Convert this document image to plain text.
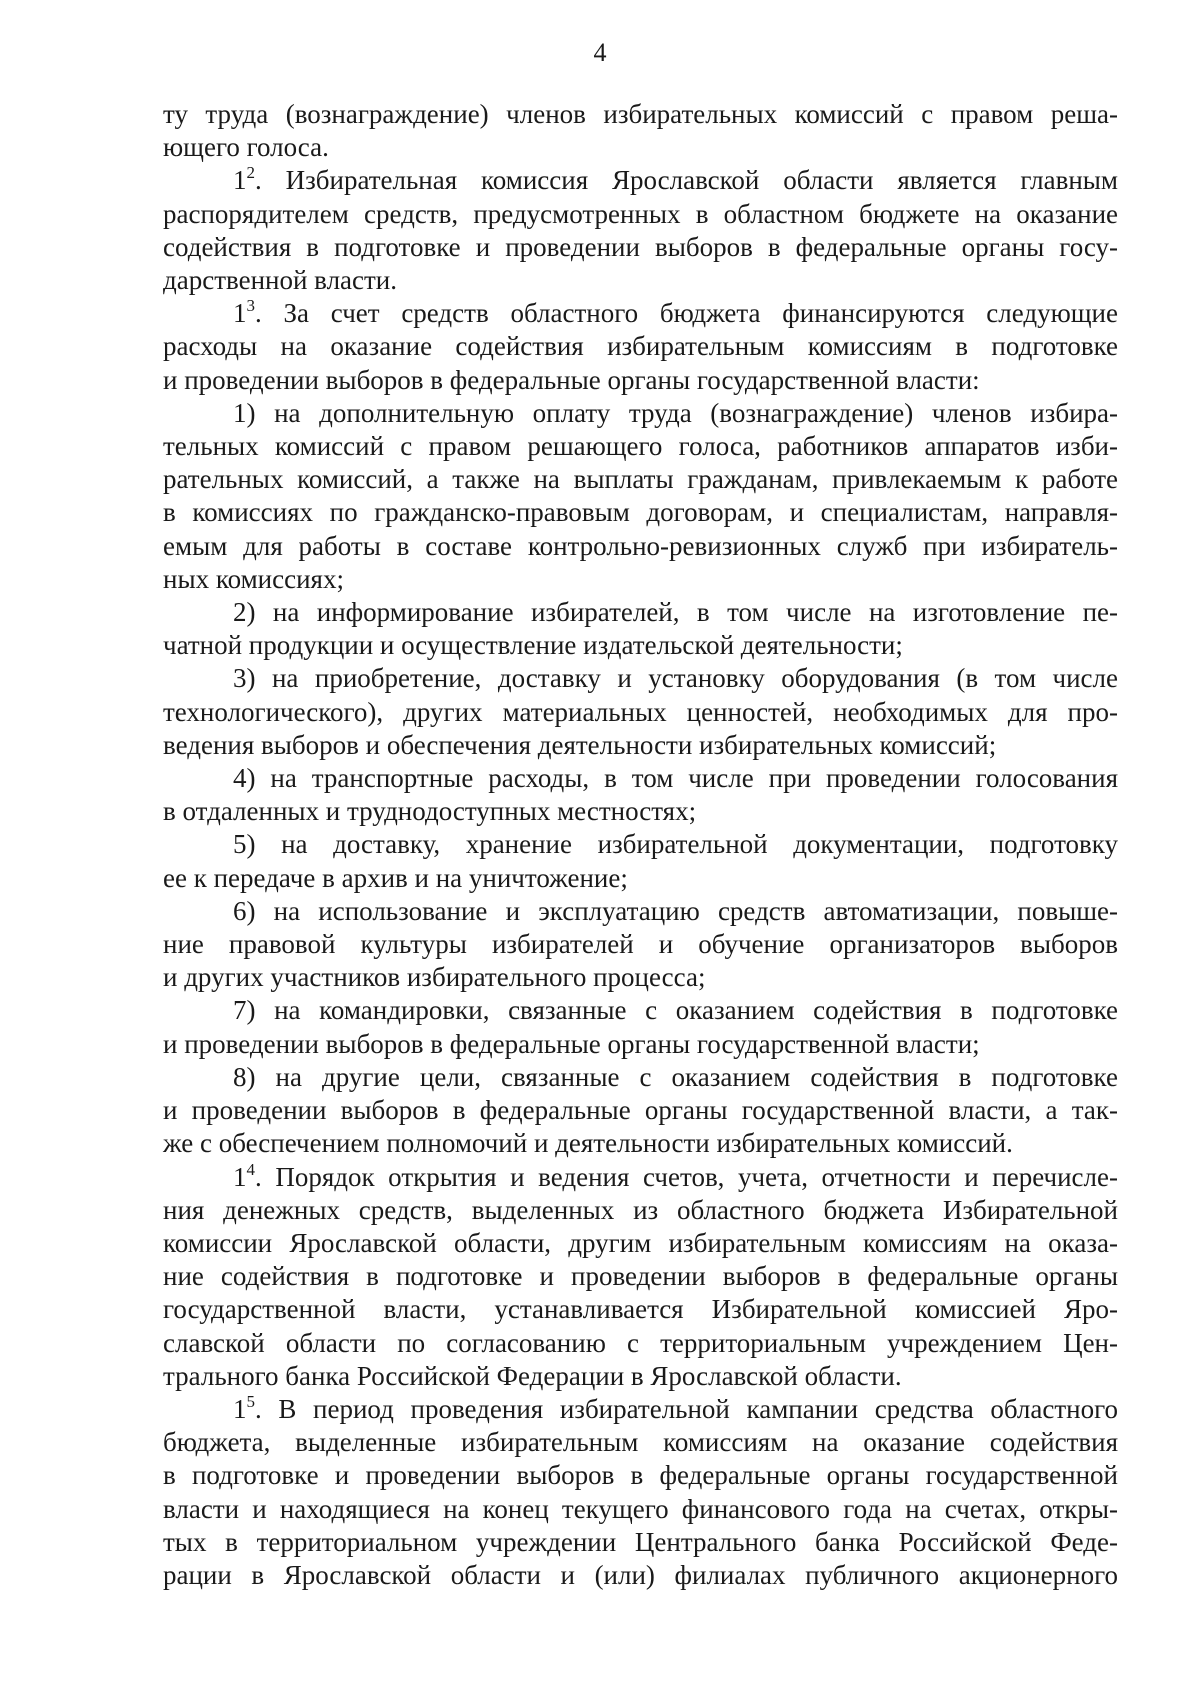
4
ту труда (вознаграждение) членов избирательных комиссий с правом реша-
ющего голоса.
$1^2$. Избирательная комиссия Ярославской области является главным
распорядителем средств, предусмотренных в областном бюджете на оказание
содействия в подготовке и проведении выборов в федеральные органы госу-
дарственной власти.
$1^3$. За счет средств областного бюджета финансируются следующие
расходы на оказание содействия избирательным комиссиям в подготовке
и проведении выборов в федеральные органы государственной власти:
1) на дополнительную оплату труда (вознаграждение) членов избира-
тельных комиссий с правом решающего голоса, работников аппаратов изби-
рательных комиссий, а также на выплаты гражданам, привлекаемым к работе
в комиссиях по гражданско-правовым договорам, и специалистам, направля-
емым для работы в составе контрольно-ревизионных служб при избиратель-
ных комиссиях;
2) на информирование избирателей, в том числе на изготовление пе-
чатной продукции и осуществление издательской деятельности;
3) на приобретение, доставку и установку оборудования (в том числе
технологического), других материальных ценностей, необходимых для про-
ведения выборов и обеспечения деятельности избирательных комиссий;
4) на транспортные расходы, в том числе при проведении голосования
в отдаленных и труднодоступных местностях;
5) на доставку, хранение избирательной документации, подготовку
ее к передаче в архив и на уничтожение;
6) на использование и эксплуатацию средств автоматизации, повыше-
ние правовой культуры избирателей и обучение организаторов выборов
и других участников избирательного процесса;
7) на командировки, связанные с оказанием содействия в подготовке
и проведении выборов в федеральные органы государственной власти;
8) на другие цели, связанные с оказанием содействия в подготовке
и проведении выборов в федеральные органы государственной власти, а так-
же с обеспечением полномочий и деятельности избирательных комиссий.
$1^4$. Порядок открытия и ведения счетов, учета, отчетности и перечисле-
ния денежных средств, выделенных из областного бюджета Избирательной
комиссии Ярославской области, другим избирательным комиссиям на оказа-
ние содействия в подготовке и проведении выборов в федеральные органы
государственной власти, устанавливается Избирательной комиссией Яро-
славской области по согласованию с территориальным учреждением Цен-
трального банка Российской Федерации в Ярославской области.
$1^5$. В период проведения избирательной кампании средства областного
бюджета, выделенные избирательным комиссиям на оказание содействия
в подготовке и проведении выборов в федеральные органы государственной
власти и находящиеся на конец текущего финансового года на счетах, откры-
тых в территориальном учреждении Центрального банка Российской Феде-
рации в Ярославской области и (или) филиалах публичного акционерного
